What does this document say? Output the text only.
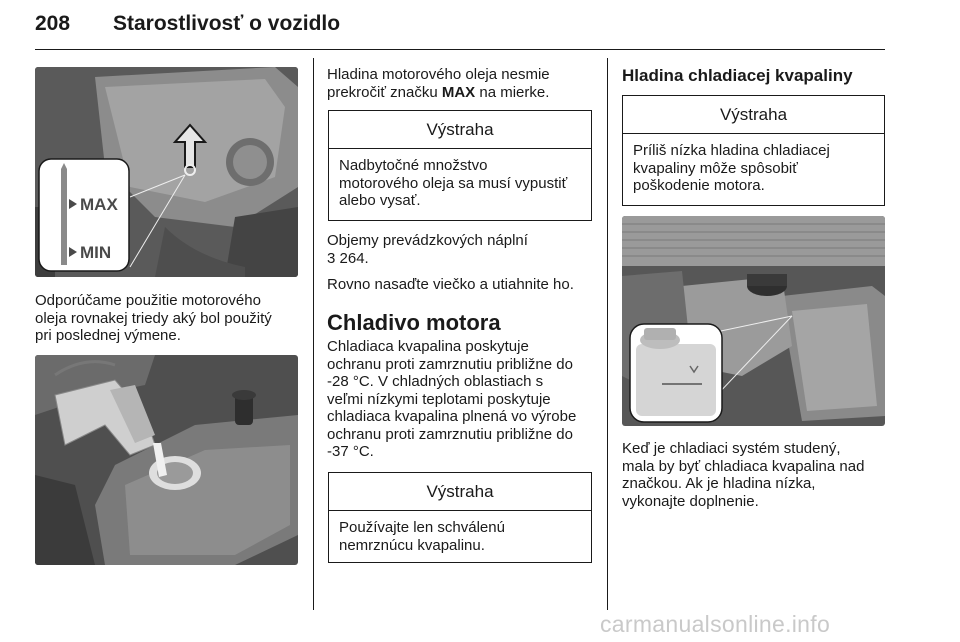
208 Starostlivosť o vozidlo
MAX
MIN
Odporúčame použitie motorového
oleja rovnakej triedy aký bol použitý
pri poslednej výmene.
Hladina motorového oleja nesmie
prekročiť značku MAX na mierke.
Výstraha
Nadbytočné množstvo
motorového oleja sa musí vypustiť
alebo vysať.
Objemy prevádzkových náplní
3 264.
Rovno nasaďte viečko a utiahnite ho.
Chladivo motora
Chladiaca kvapalina poskytuje
ochranu proti zamrznutiu približne do
-28 °C. V chladných oblastiach s
veľmi nízkymi teplotami poskytuje
chladiaca kvapalina plnená vo výrobe
ochranu proti zamrznutiu približne do
-37 °C.
Výstraha
Používajte len schválenú
nemrznúcu kvapalinu.
Hladina chladiacej kvapaliny
Výstraha
Príliš nízka hladina chladiacej
kvapaliny môže spôsobiť
poškodenie motora.
Keď je chladiaci systém studený,
mala by byť chladiaca kvapalina nad
značkou. Ak je hladina nízka,
vykonajte doplnenie.
carmanualsonline.info
